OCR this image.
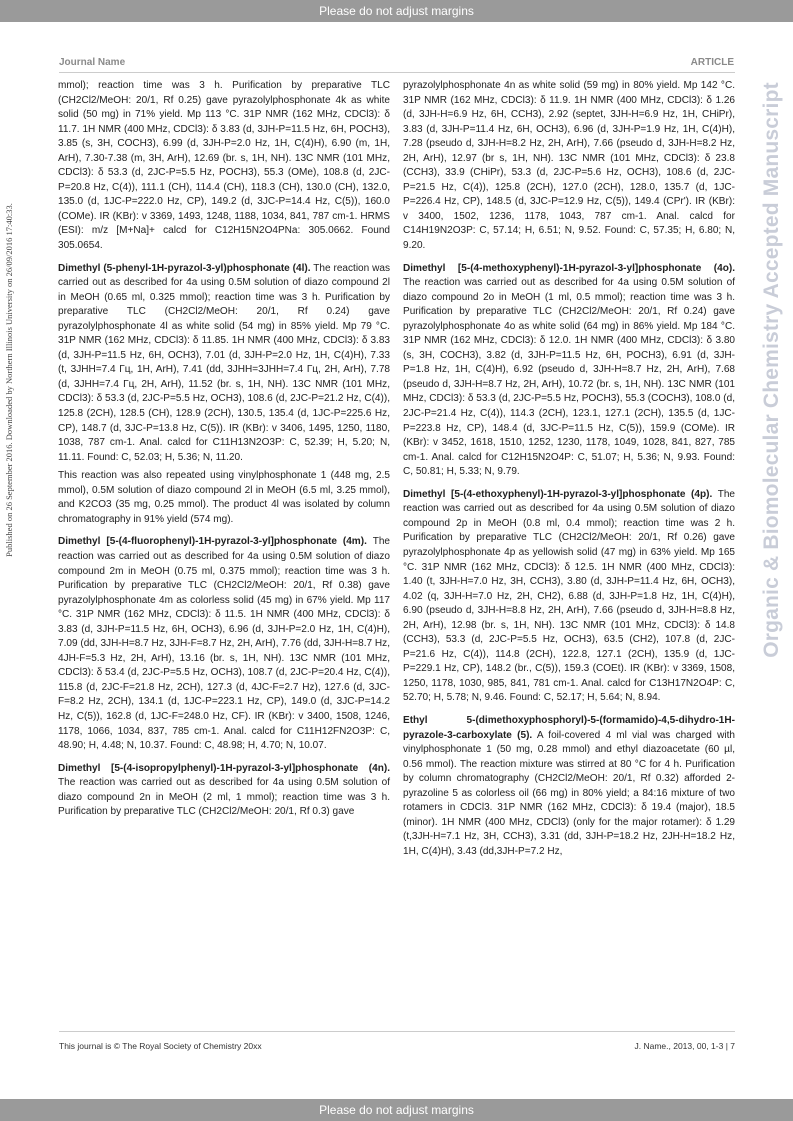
Please do not adjust margins
Journal Name	ARTICLE
Published on 26 September 2016. Downloaded by Northern Illinois University on 26/09/2016 17:40:33.	Organic & Biomolecular Chemistry Accepted Manuscript

mmol); reaction time was 3 h. Purification by preparative TLC (CH2Cl2/MeOH: 20/1, Rf 0.25) gave pyrazolylphosphonate 4k as white solid (50 mg) in 71% yield. Mp 113 °C. 31P NMR (162 MHz, CDCl3): δ 11.7. 1H NMR (400 MHz, CDCl3): δ 3.83 (d, 3JH-P=11.5 Hz, 6H, POCH3), 3.85 (s, 3H, COCH3), 6.99 (d, 3JH-P=2.0 Hz, 1H, C(4)H), 6.90 (m, 1H, ArH), 7.30-7.38 (m, 3H, ArH), 12.69 (br. s, 1H, NH). 13C NMR (101 MHz, CDCl3): δ 53.3 (d, 2JC-P=5.5 Hz, POCH3), 55.3 (OMe), 108.8 (d, 2JC-P=20.8 Hz, C(4)), 111.1 (CH), 114.4 (CH), 118.3 (CH), 130.0 (CH), 132.0, 135.0 (d, 1JC-P=222.0 Hz, CP), 149.2 (d, 3JC-P=14.4 Hz, C(5)), 160.0 (COMe). IR (KBr): v 3369, 1493, 1248, 1188, 1034, 841, 787 cm-1. HRMS (ESI): m/z [M+Na]+ calcd for C12H15N2O4PNa: 305.0662. Found 305.0654.

Dimethyl (5-phenyl-1H-pyrazol-3-yl)phosphonate (4l). The reaction was carried out as described for 4a using 0.5M solution of diazo compound 2l in MeOH (0.65 ml, 0.325 mmol); reaction time was 3 h. Purification by preparative TLC (CH2Cl2/MeOH: 20/1, Rf 0.24) gave pyrazolylphosphonate 4l as white solid (54 mg) in 85% yield. Mp 79 °C. 31P NMR (162 MHz, CDCl3): δ 11.85. 1H NMR (400 MHz, CDCl3): δ 3.83 (d, 3JH-P=11.5 Hz, 6H, OCH3), 7.01 (d, 3JH-P=2.0 Hz, 1H, C(4)H), 7.33 (t, 3JHH=7.4 Гц, 1H, ArH), 7.41 (dd, 3JHH=3JHH=7.4 Гц, 2H, ArH), 7.78 (d, 3JHH=7.4 Гц, 2H, ArH), 11.52 (br. s, 1H, NH). 13C NMR (101 MHz, CDCl3): δ 53.3 (d, 2JC-P=5.5 Hz, OCH3), 108.6 (d, 2JC-P=21.2 Hz, C(4)), 125.8 (2CH), 128.5 (CH), 128.9 (2CH), 130.5, 135.4 (d, 1JC-P=225.6 Hz, CP), 148.7 (d, 3JC-P=13.8 Hz, C(5)). IR (KBr): v 3406, 1495, 1250, 1180, 1038, 787 cm-1. Anal. calcd for C11H13N2O3P: C, 52.39; H, 5.20; N, 11.11. Found: C, 52.03; H, 5.36; N, 11.20.

This reaction was also repeated using vinylphosphonate 1 (448 mg, 2.5 mmol), 0.5M solution of diazo compound 2l in MeOH (6.5 ml, 3.25 mmol), and K2CO3 (35 mg, 0.25 mmol). The product 4l was isolated by column chromatography in 91% yield (574 mg).

Dimethyl [5-(4-fluorophenyl)-1H-pyrazol-3-yl]phosphonate (4m). The reaction was carried out as described for 4a using 0.5M solution of diazo compound 2m in MeOH (0.75 ml, 0.375 mmol); reaction time was 3 h. Purification by preparative TLC (CH2Cl2/MeOH: 20/1, Rf 0.38) gave pyrazolylphosphonate 4m as colorless solid (45 mg) in 67% yield. Mp 117 °C. 31P NMR (162 MHz, CDCl3): δ 11.5. 1H NMR (400 MHz, CDCl3): δ 3.83 (d, 3JH-P=11.5 Hz, 6H, OCH3), 6.96 (d, 3JH-P=2.0 Hz, 1H, C(4)H), 7.09 (dd, 3JH-H=8.7 Hz, 3JH-F=8.7 Hz, 2H, ArH), 7.76 (dd, 3JH-H=8.7 Hz, 4JH-F=5.3 Hz, 2H, ArH), 13.16 (br. s, 1H, NH). 13C NMR (101 MHz, CDCl3): δ 53.4 (d, 2JC-P=5.5 Hz, OCH3), 108.7 (d, 2JC-P=20.4 Hz, C(4)), 115.8 (d, 2JC-F=21.8 Hz, 2CH), 127.3 (d, 4JC-F=2.7 Hz), 127.6 (d, 3JC-F=8.2 Hz, 2CH), 134.1 (d, 1JC-P=223.1 Hz, CP), 149.0 (d, 3JC-P=14.2 Hz, C(5)), 162.8 (d, 1JC-F=248.0 Hz, CF). IR (KBr): v 3400, 1508, 1246, 1178, 1066, 1034, 837, 785 cm-1. Anal. calcd for C11H12FN2O3P: C, 48.90; H, 4.48; N, 10.37. Found: C, 48.98; H, 4.70; N, 10.07.

Dimethyl [5-(4-isopropylphenyl)-1H-pyrazol-3-yl]phosphonate (4n). The reaction was carried out as described for 4a using 0.5M solution of diazo compound 2n in MeOH (2 ml, 1 mmol); reaction time was 3 h. Purification by preparative TLC (CH2Cl2/MeOH: 20/1, Rf 0.3) gave

pyrazolylphosphonate 4n as white solid (59 mg) in 80% yield. Mp 142 °C. 31P NMR (162 MHz, CDCl3): δ 11.9. 1H NMR (400 MHz, CDCl3): δ 1.26 (d, 3JH-H=6.9 Hz, 6H, CCH3), 2.92 (septet, 3JH-H=6.9 Hz, 1H, CHiPr), 3.83 (d, 3JH-P=11.4 Hz, 6H, OCH3), 6.96 (d, 3JH-P=1.9 Hz, 1H, C(4)H), 7.28 (pseudo d, 3JH-H=8.2 Hz, 2H, ArH), 7.66 (pseudo d, 3JH-H=8.2 Hz, 2H, ArH), 12.97 (br s, 1H, NH). 13C NMR (101 MHz, CDCl3): δ 23.8 (CCH3), 33.9 (CHiPr), 53.3 (d, 2JC-P=5.6 Hz, OCH3), 108.6 (d, 2JC-P=21.5 Hz, C(4)), 125.8 (2CH), 127.0 (2CH), 128.0, 135.7 (d, 1JC-P=226.4 Hz, CP), 148.5 (d, 3JC-P=12.9 Hz, C(5)), 149.4 (CPr'). IR (KBr): v 3400, 1502, 1236, 1178, 1043, 787 cm-1. Anal. calcd for C14H19N2O3P: C, 57.14; H, 6.51; N, 9.52. Found: C, 57.35; H, 6.80; N, 9.20.

Dimethyl [5-(4-methoxyphenyl)-1H-pyrazol-3-yl]phosphonate (4o). The reaction was carried out as described for 4a using 0.5M solution of diazo compound 2o in MeOH (1 ml, 0.5 mmol); reaction time was 3 h. Purification by preparative TLC (CH2Cl2/MeOH: 20/1, Rf 0.24) gave pyrazolylphosphonate 4o as white solid (64 mg) in 86% yield. Mp 184 °C. 31P NMR (162 MHz, CDCl3): δ 12.0. 1H NMR (400 MHz, CDCl3): δ 3.80 (s, 3H, COCH3), 3.82 (d, 3JH-P=11.5 Hz, 6H, POCH3), 6.91 (d, 3JH-P=1.8 Hz, 1H, C(4)H), 6.92 (pseudo d, 3JH-H=8.7 Hz, 2H, ArH), 7.68 (pseudo d, 3JH-H=8.7 Hz, 2H, ArH), 10.72 (br. s, 1H, NH). 13C NMR (101 MHz, CDCl3): δ 53.3 (d, 2JC-P=5.5 Hz, POCH3), 55.3 (COCH3), 108.0 (d, 2JC-P=21.4 Hz, C(4)), 114.3 (2CH), 123.1, 127.1 (2CH), 135.5 (d, 1JC-P=223.8 Hz, CP), 148.4 (d, 3JC-P=11.5 Hz, C(5)), 159.9 (COMe). IR (KBr): v 3452, 1618, 1510, 1252, 1230, 1178, 1049, 1028, 841, 827, 785 cm-1. Anal. calcd for C12H15N2O4P: C, 51.07; H, 5.36; N, 9.93. Found: C, 50.81; H, 5.33; N, 9.79.

Dimethyl [5-(4-ethoxyphenyl)-1H-pyrazol-3-yl]phosphonate (4p). The reaction was carried out as described for 4a using 0.5M solution of diazo compound 2p in MeOH (0.8 ml, 0.4 mmol); reaction time was 2 h. Purification by preparative TLC (CH2Cl2/MeOH: 20/1, Rf 0.26) gave pyrazolylphosphonate 4p as yellowish solid (47 mg) in 63% yield. Mp 165 °C. 31P NMR (162 MHz, CDCl3): δ 12.5. 1H NMR (400 MHz, CDCl3): 1.40 (t, 3JH-H=7.0 Hz, 3H, CCH3), 3.80 (d, 3JH-P=11.4 Hz, 6H, OCH3), 4.02 (q, 3JH-H=7.0 Hz, 2H, CH2), 6.88 (d, 3JH-P=1.8 Hz, 1H, C(4)H), 6.90 (pseudo d, 3JH-H=8.8 Hz, 2H, ArH), 7.66 (pseudo d, 3JH-H=8.8 Hz, 2H, ArH), 12.98 (br. s, 1H, NH). 13C NMR (101 MHz, CDCl3): δ 14.8 (CCH3), 53.3 (d, 2JC-P=5.5 Hz, OCH3), 63.5 (CH2), 107.8 (d, 2JC-P=21.6 Hz, C(4)), 114.8 (2CH), 122.8, 127.1 (2CH), 135.9 (d, 1JC-P=229.1 Hz, CP), 148.2 (br., C(5)), 159.3 (COEt). IR (KBr): v 3369, 1508, 1250, 1178, 1030, 985, 841, 781 cm-1. Anal. calcd for C13H17N2O4P: C, 52.70; H, 5.78; N, 9.46. Found: C, 52.17; H, 5.64; N, 8.94.

Ethyl 5-(dimethoxyphosphoryl)-5-(formamido)-4,5-dihydro-1H-pyrazole-3-carboxylate (5). A foil-covered 4 ml vial was charged with vinylphosphonate 1 (50 mg, 0.28 mmol) and ethyl diazoacetate (60 µl, 0.56 mmol). The reaction mixture was stirred at 80 °C for 4 h. Purification by column chromatography (CH2Cl2/MeOH: 20/1, Rf 0.32) afforded 2-pyrazoline 5 as colorless oil (66 mg) in 80% yield; a 84:16 mixture of two rotamers in CDCl3. 31P NMR (162 MHz, CDCl3): δ 19.4 (major), 18.5 (minor). 1H NMR (400 MHz, CDCl3) (only for the major rotamer): δ 1.29 (t,3JH-H=7.1 Hz, 3H, CCH3), 3.31 (dd, 3JH-P=18.2 Hz, 2JH-H=18.2 Hz, 1H, C(4)H), 3.43 (dd,3JH-P=7.2 Hz,

This journal is © The Royal Society of Chemistry 20xx	J. Name., 2013, 00, 1-3 | 7
Please do not adjust margins
